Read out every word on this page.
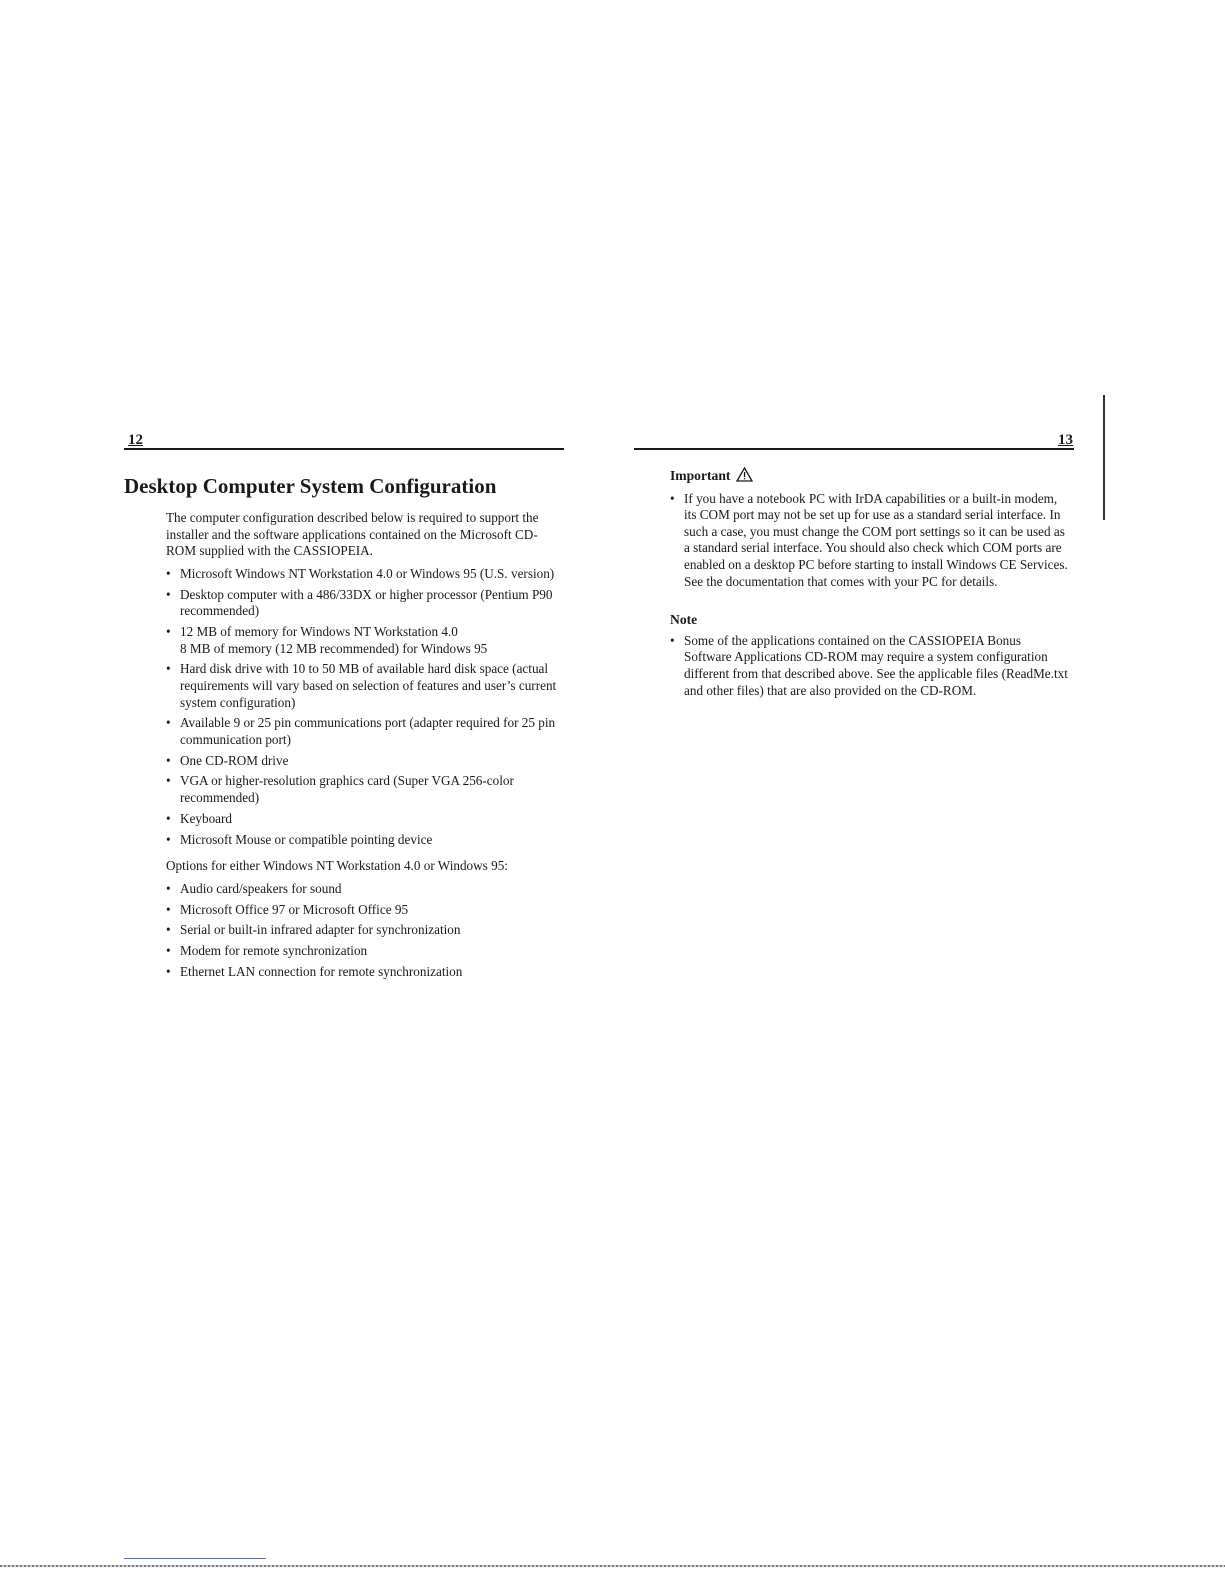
12
Desktop Computer System Configuration

The computer configuration described below is required to support the installer and the software applications contained on the Microsoft CD-ROM supplied with the CASSIOPEIA.

• Microsoft Windows NT Workstation 4.0 or Windows 95 (U.S. version)
• Desktop computer with a 486/33DX or higher processor (Pentium P90 recommended)
• 12 MB of memory for Windows NT Workstation 4.0
8 MB of memory (12 MB recommended) for Windows 95
• Hard disk drive with 10 to 50 MB of available hard disk space (actual requirements will vary based on selection of features and user’s current system configuration)
• Available 9 or 25 pin communications port (adapter required for 25 pin communication port)
• One CD-ROM drive
• VGA or higher-resolution graphics card (Super VGA 256-color recommended)
• Keyboard
• Microsoft Mouse or compatible pointing device

Options for either Windows NT Workstation 4.0 or Windows 95:

• Audio card/speakers for sound
• Microsoft Office 97 or Microsoft Office 95
• Serial or built-in infrared adapter for synchronization
• Modem for remote synchronization
• Ethernet LAN connection for remote synchronization
13
Important
• If you have a notebook PC with IrDA capabilities or a built-in modem, its COM port may not be set up for use as a standard serial interface. In such a case, you must change the COM port settings so it can be used as a standard serial interface. You should also check which COM ports are enabled on a desktop PC before starting to install Windows CE Services. See the documentation that comes with your PC for details.
Note
• Some of the applications contained on the CASSIOPEIA Bonus Software Applications CD-ROM may require a system configuration different from that described above. See the applicable files (ReadMe.txt and other files) that are also provided on the CD-ROM.
